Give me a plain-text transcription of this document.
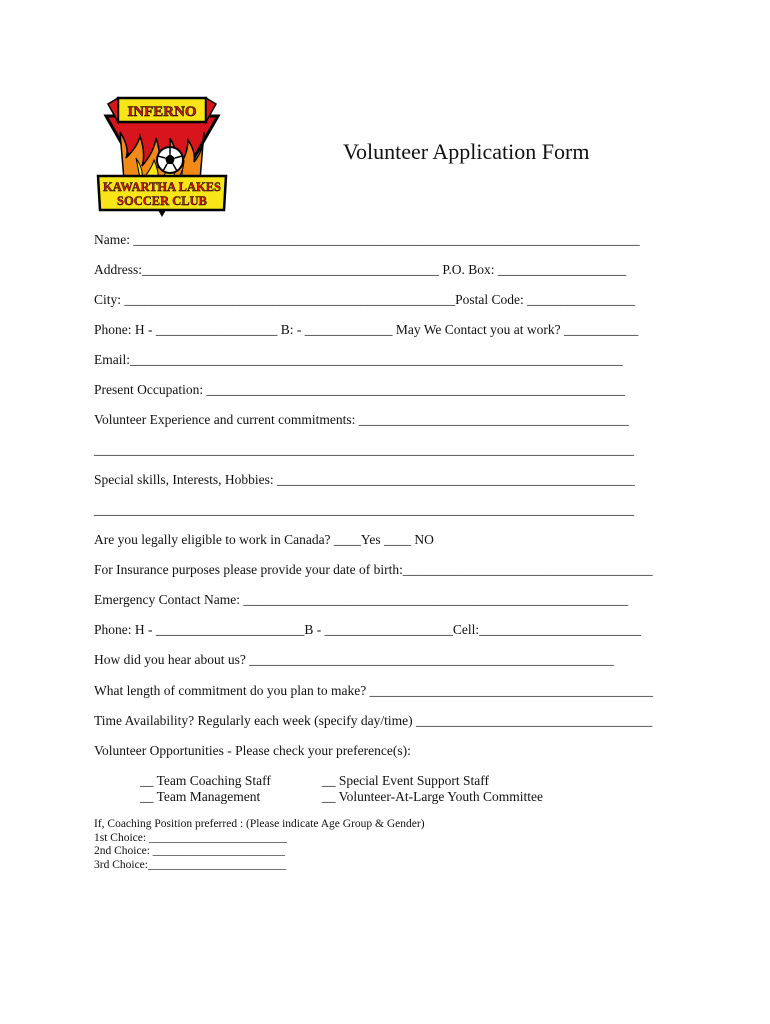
INFERNO
KAWARTHA LAKES
SOCCER CLUB
Volunteer Application Form
Name: ___________________________________________________________________________
Address:____________________________________________ P.O. Box: ___________________
City: _________________________________________________Postal Code: ________________
Phone: H - __________________ B: - _____________ May We Contact you at work? ___________
Email:_________________________________________________________________________
Present Occupation: ______________________________________________________________
Volunteer Experience and current commitments: ________________________________________
________________________________________________________________________________
Special skills, Interests, Hobbies: _____________________________________________________
________________________________________________________________________________
Are you legally eligible to work in Canada? ____Yes ____ NO
For Insurance purposes please provide your date of birth:_____________________________________
Emergency Contact Name: _________________________________________________________
Phone: H - ______________________B - ___________________Cell:________________________
How did you hear about us? ______________________________________________________
What length of commitment do you plan to make? __________________________________________
Time Availability? Regularly each week (specify day/time) ___________________________________
Volunteer Opportunities - Please check your preference(s):
__ Team Coaching Staff
__ Team Management
__ Special Event Support Staff
__ Volunteer-At-Large Youth Committee
If, Coaching Position preferred : (Please indicate Age Group & Gender)
1st Choice: ________________________
2nd Choice: _______________________
3rd Choice:________________________
